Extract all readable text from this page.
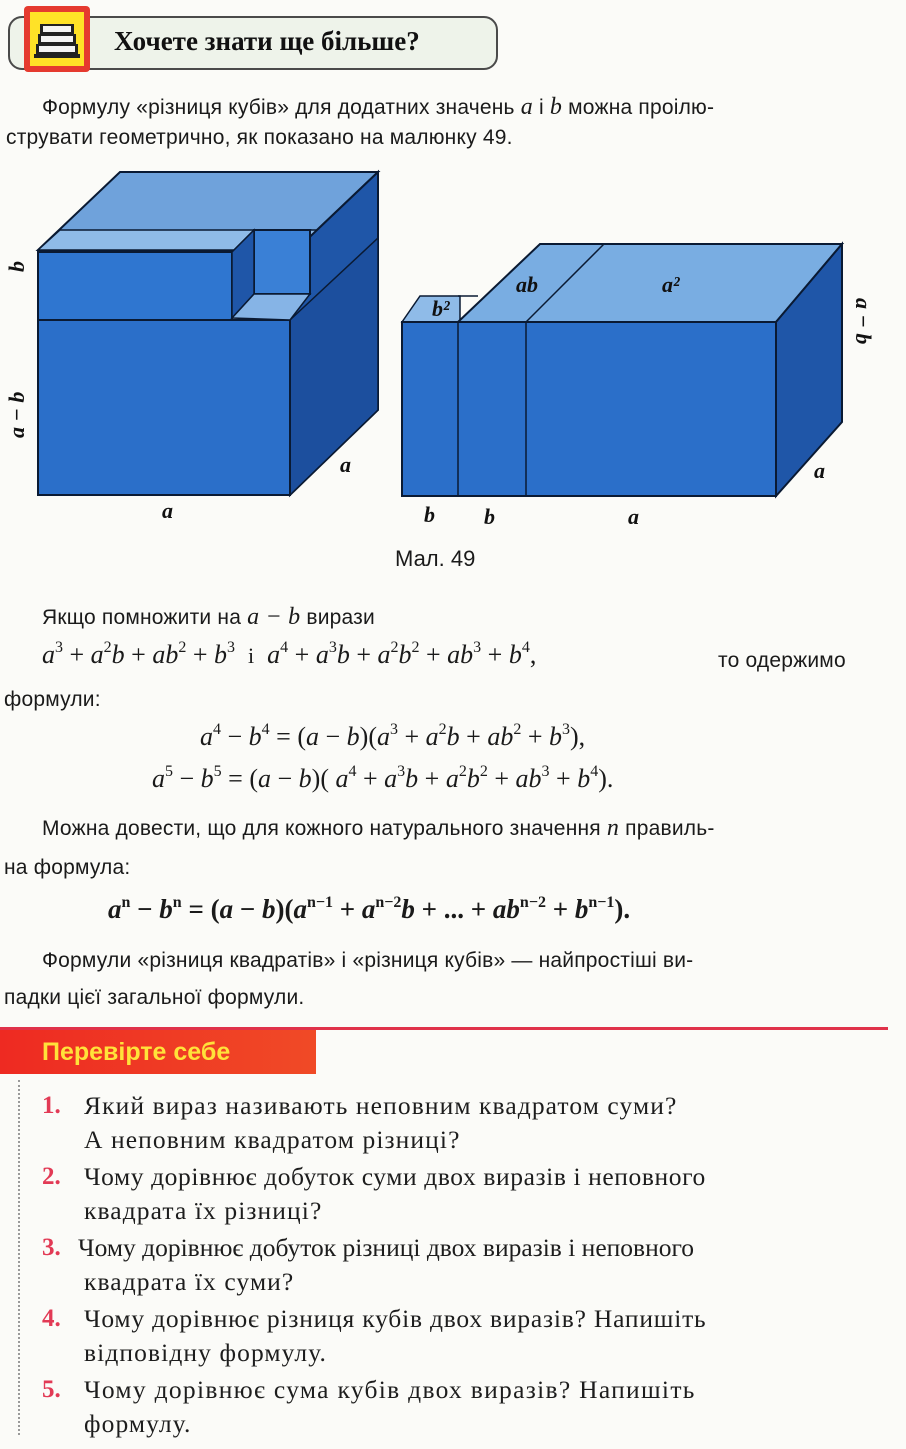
Хочете знати ще більше?
Формулу «різниця кубів» для додатних значень a і b можна проілю-
струвати геометрично, як показано на малюнку 49.
b
a − b
a
a
b²
ab	a²
a − b
a
b b	a
Мал. 49
Якщо помножити на a − b вирази
$a^3 + a^2b + ab^2 + b^3$ і  $a^4 + a^3b + a^2b^2 + ab^3 + b^4$,	то одержимо
формули:
$a^4 - b^4 = (a - b)(a^3 + a^2b + ab^2 + b^3)$,
$a^5 - b^5 = (a - b)$( $a^4 + a^3b + a^2b^2 + ab^3 + b^4$).
Можна довести, що для кожного натурального значення n правиль-
на формула:
$a^n - b^n = (a - b)(a^{n-1} + a^{n-2}b$ + ... + $ab^{n-2} + b^{n-1}$).
Формули «різниця квадратів» і «різниця кубів» — найпростіші ви-
падки цієї загальної формули.
Перевірте себе
1. Який вираз називають неповним квадратом суми?
А неповним квадратом різниці?
2. Чому дорівнює добуток суми двох виразів і неповного
квадрата їх різниці?
3. Чому дорівнює добуток різниці двох виразів і неповного
квадрата їх суми?
4. Чому дорівнює різниця кубів двох виразів? Напишіть
відповідну формулу.
5. Чому дорівнює сума кубів двох виразів? Напишіть
формулу.
